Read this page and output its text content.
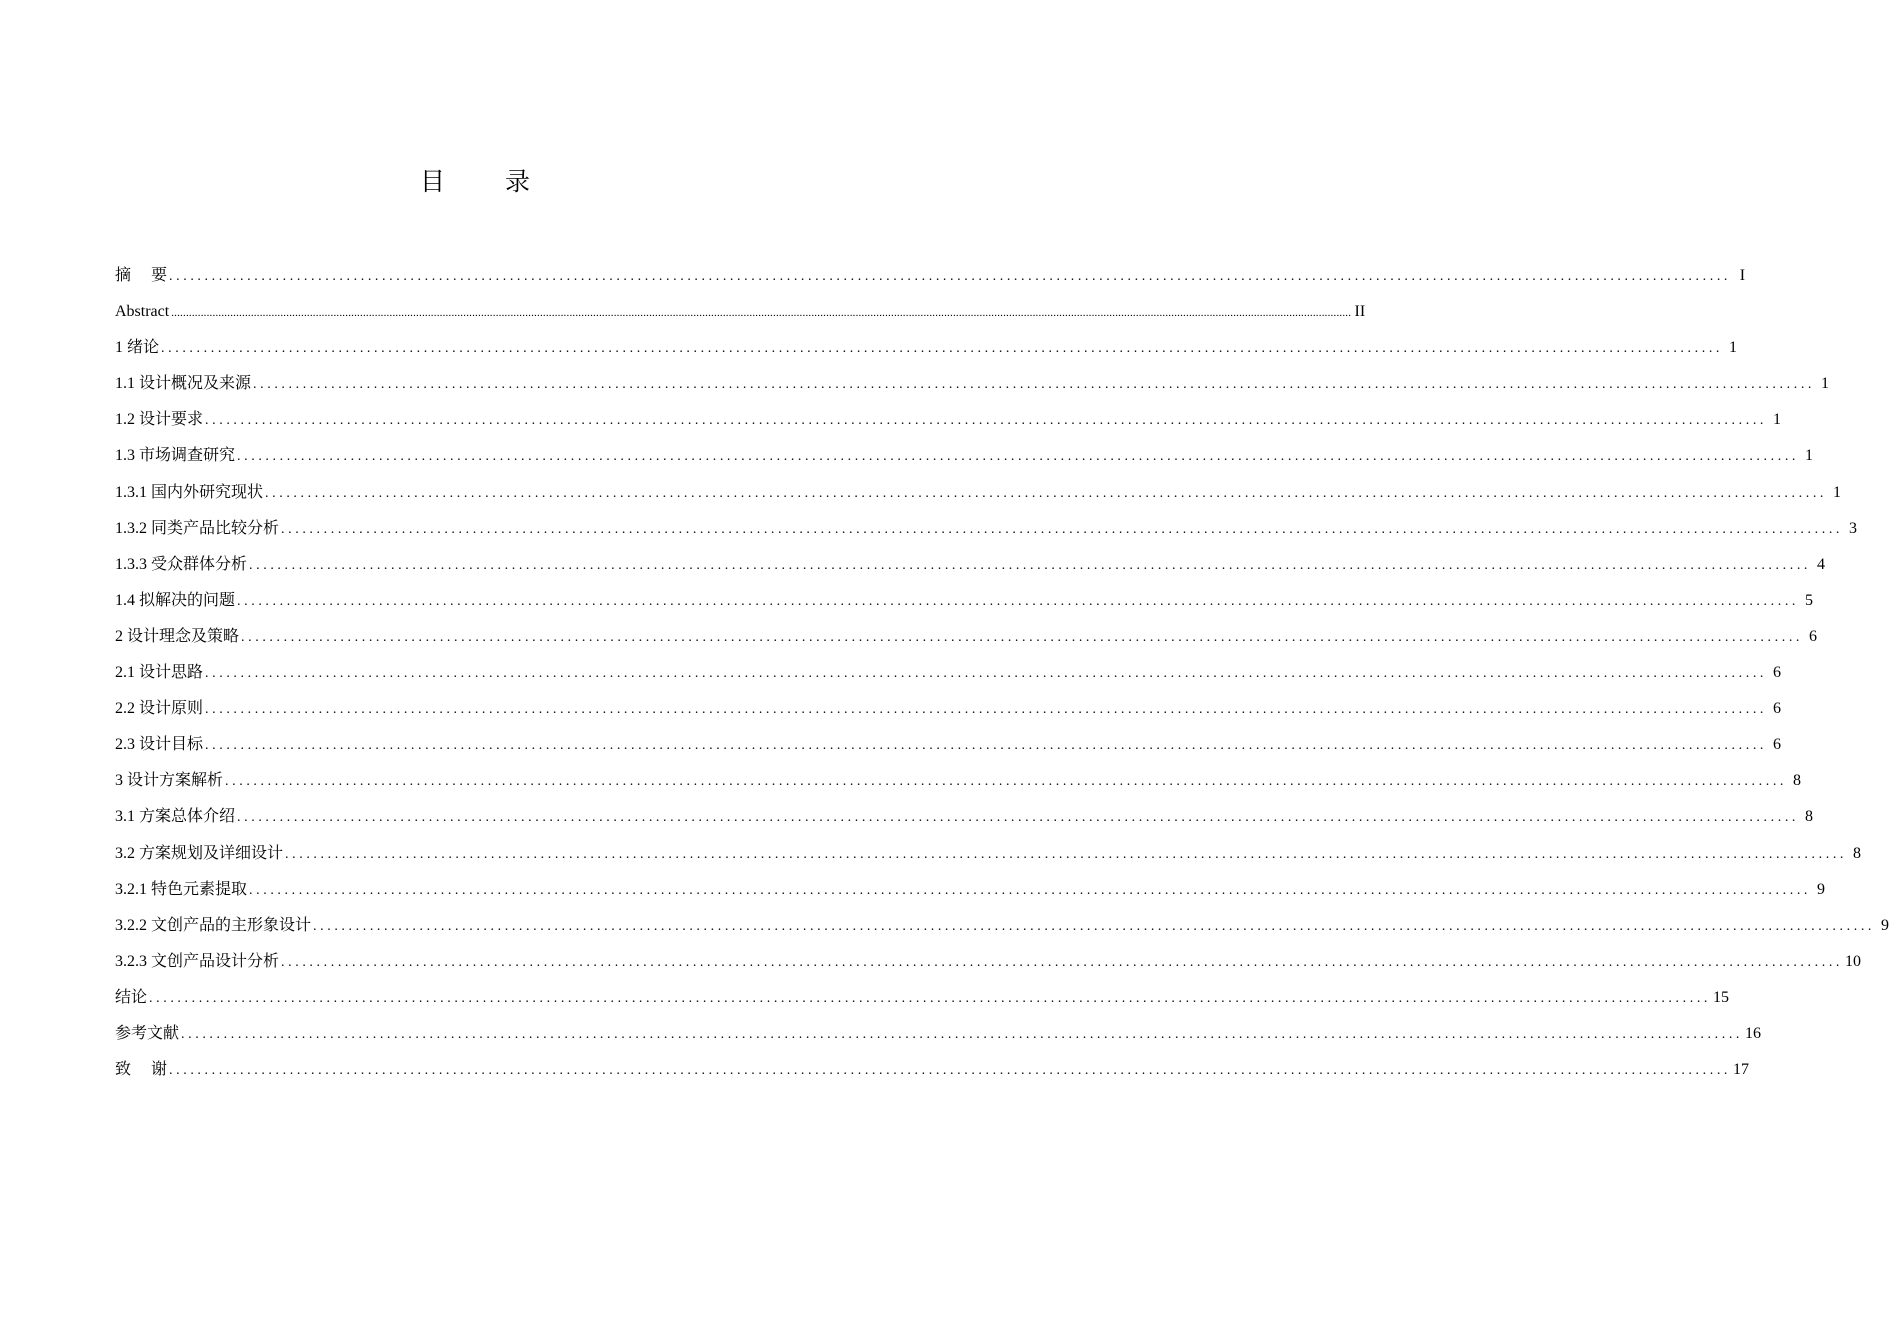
目 录
摘　 要 ............................................................................................................................................................................................................................ I
Abstract ................................................................................................................................................................................................................................................................................................................................................................................................................ II
1 绪论 ............................................................................................................................................................................................................................ 1
1.1 设计概况及来源 ............................................................................................................................................................................................................................ 1
1.2 设计要求 ............................................................................................................................................................................................................................ 1
1.3 市场调查研究 ............................................................................................................................................................................................................................ 1
1.3.1 国内外研究现状 ............................................................................................................................................................................................................................ 1
1.3.2 同类产品比较分析 ............................................................................................................................................................................................................................ 3
1.3.3 受众群体分析 ............................................................................................................................................................................................................................ 4
1.4 拟解决的问题 ............................................................................................................................................................................................................................ 5
2 设计理念及策略 ............................................................................................................................................................................................................................ 6
2.1 设计思路 ............................................................................................................................................................................................................................ 6
2.2 设计原则 ............................................................................................................................................................................................................................ 6
2.3 设计目标 ............................................................................................................................................................................................................................ 6
3 设计方案解析 ............................................................................................................................................................................................................................ 8
3.1 方案总体介绍 ............................................................................................................................................................................................................................ 8
3.2 方案规划及详细设计 ............................................................................................................................................................................................................................ 8
3.2.1 特色元素提取 ............................................................................................................................................................................................................................ 9
3.2.2 文创产品的主形象设计 ............................................................................................................................................................................................................................ 9
3.2.3 文创产品设计分析 ............................................................................................................................................................................................................................ 10
结论 ............................................................................................................................................................................................................................ 15
参考文献 ............................................................................................................................................................................................................................ 16
致　 谢 ............................................................................................................................................................................................................................ 17
